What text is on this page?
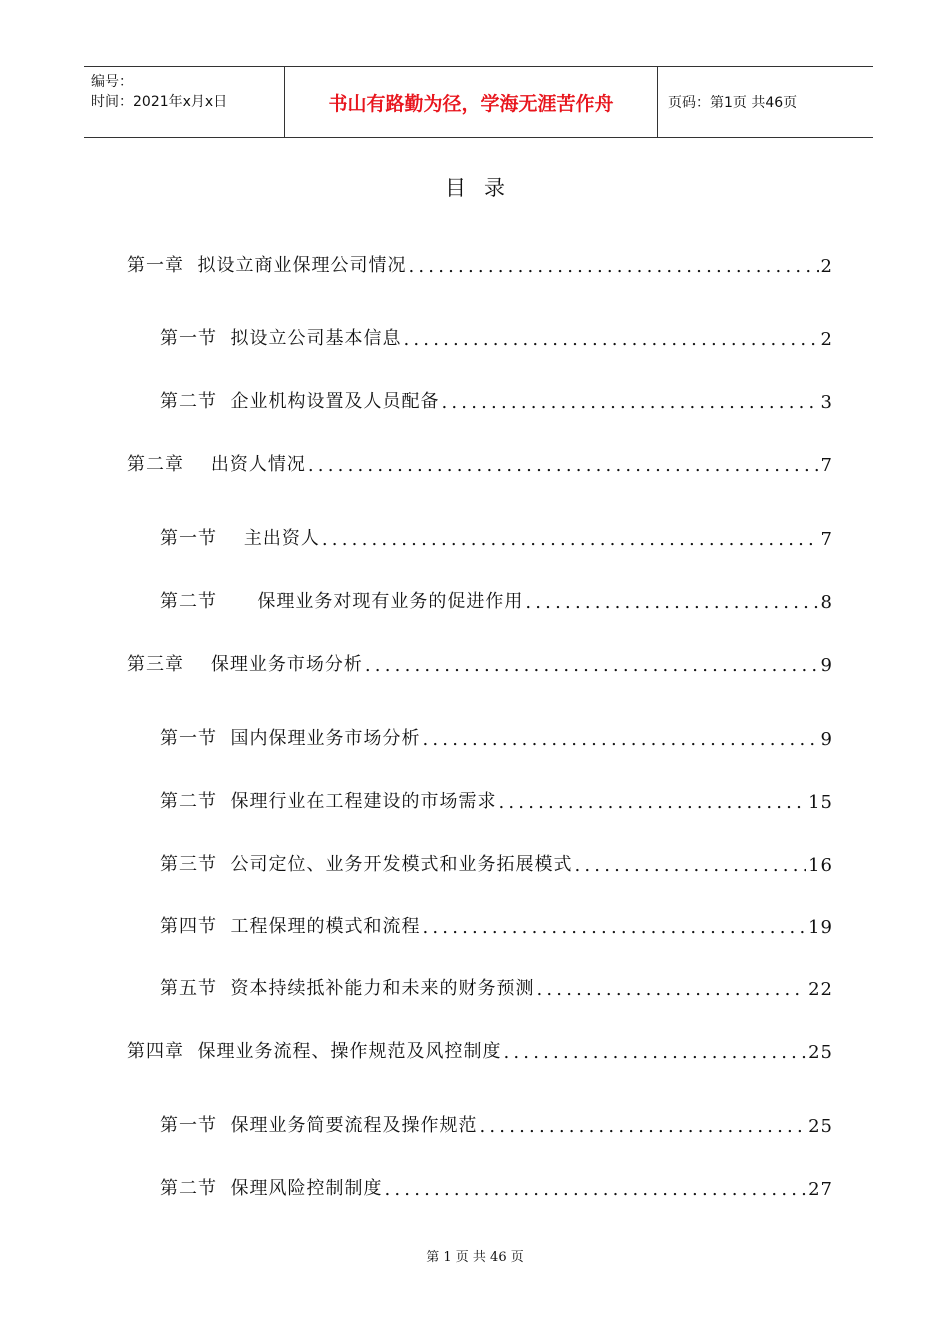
编号：
时间：2021年x月x日	书山有路勤为径，学海无涯苦作舟	页码：第1页 共46页
目录
第一章  拟设立商业保理公司情况 .....	2
第一节  拟设立公司基本信息 .....	2
第二节  企业机构设置及人员配备 .....	3
第二章    出资人情况 .....	7
第一节    主出资人 .....	7
第二节      保理业务对现有业务的促进作用 .....	8
第三章    保理业务市场分析 .....	9
第一节  国内保理业务市场分析 .....	9
第二节  保理行业在工程建设的市场需求 .....	15
第三节  公司定位、业务开发模式和业务拓展模式 .....	16
第四节  工程保理的模式和流程 .....	19
第五节  资本持续抵补能力和未来的财务预测 .....	22
第四章  保理业务流程、操作规范及风控制度 .....	25
第一节  保理业务简要流程及操作规范 .....	25
第二节  保理风险控制制度 .....	27
第 1 页 共 46 页
